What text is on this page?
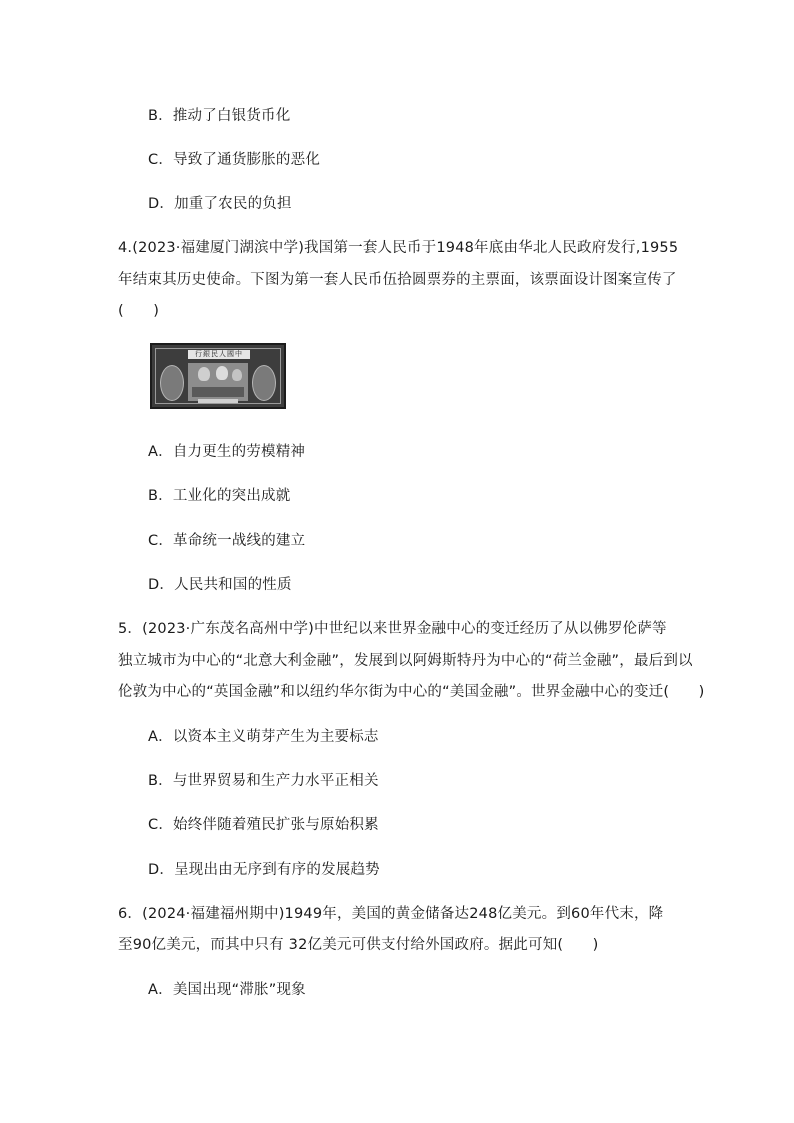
B．推动了白银货币化
C．导致了通货膨胀的恶化
D．加重了农民的负担
4.(2023·福建厦门湖滨中学)我国第一套人民币于1948年底由华北人民政府发行,1955
年结束其历史使命。下图为第一套人民币伍拾圆票券的主票面，该票面设计图案宣传了
(　　)
行銀民人國中
A．自力更生的劳模精神
B．工业化的突出成就
C．革命统一战线的建立
D．人民共和国的性质
5．(2023·广东茂名高州中学)中世纪以来世界金融中心的变迁经历了从以佛罗伦萨等
独立城市为中心的“北意大利金融”，发展到以阿姆斯特丹为中心的“荷兰金融”，最后到以
伦敦为中心的“英国金融”和以纽约华尔街为中心的“美国金融”。世界金融中心的变迁(　　)
A．以资本主义萌芽产生为主要标志
B．与世界贸易和生产力水平正相关
C．始终伴随着殖民扩张与原始积累
D．呈现出由无序到有序的发展趋势
6．(2024·福建福州期中)1949年，美国的黄金储备达248亿美元。到60年代末，降
至90亿美元，而其中只有 32亿美元可供支付给外国政府。据此可知(　　)
A．美国出现“滞胀”现象
